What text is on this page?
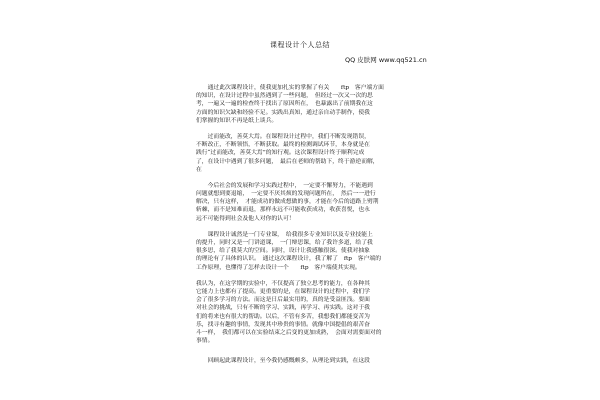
课程设计个人总结
QQ 皮肤网 www.qq521.cn
　　通过此次课程设计，使我更加扎实的掌握了有关　　ftp　客户端方面
的知识，在设计过程中虽然遇到了一些问题，　但经过一次又一次的思
考，一遍又一遍的检查终于找出了原因所在，　也暴露出了前期我在这
方面的知识欠缺和经验不足。实践出真知，通过亲自动手制作，使我
们掌握的知识不再是纸上谈兵。
　　过而能改，善莫大焉。在课程设计过程中，我们不断发现错误，
不断改正，不断领悟，不断获取。最终的检测调试环节，本身就是在
践行“过而能改，善莫大焉”的知行观。这次课程设计终于顺利完成
了，在设计中遇到了很多问题，　最后在老师的帮助下，终于游逆而解，
在
　　今后社会的发展和学习实践过程中，　一定要不懈努力，不能遇到
问题就想到要退缩，　一定要不厌其烦的发现问题所在，　然后一一进行
解决，只有这样，　才能成功的做成想做的事，才能在今后的道路上劈荆
斩棘，而不是知难而退，那样永远不可能收获成功，收获喜悦，也永
远不可能得到社会及他人对你的认可！
　　课程设计诚然是一门专业课，　给我很多专业知识以及专业技能上
的提升，同时又是一门讲道课，　一门辩思课，给了我许多道，给了我
很多思，给了我莫大的空间。同时，设计让我感触很深。使我对抽象
的理论有了具体的认识。　通过这次课程设计，我了解了　ftp　客户端的
工作原理，也懂得了怎样去设计一个　　ftp　客户端使其实现。
我认为，在这学期的实验中，不仅提高了独立思考的能力，在各种其
它能力上也都有了提高。更重要的是，在课程设计的过程中，我们学
会了很多学习的方法。而这是日后最实用的，真的是受益匪浅。要面
对社会的挑战，只有不断的学习、实践，再学习、再实践。这对于我
们的将来也有很大的帮助。以后，不管有多苦，我想我们都能变苦为
乐，找寻有趣的事情，发现其中珍贵的事情。就像中国提倡的艰苦奋
斗一样，　我们都可以在实验结束之后变的更加成熟，　会面对需要面对的
事情。
　　回顾起此课程设计，至今我仍感慨颇多，从理论到实践，在这段
